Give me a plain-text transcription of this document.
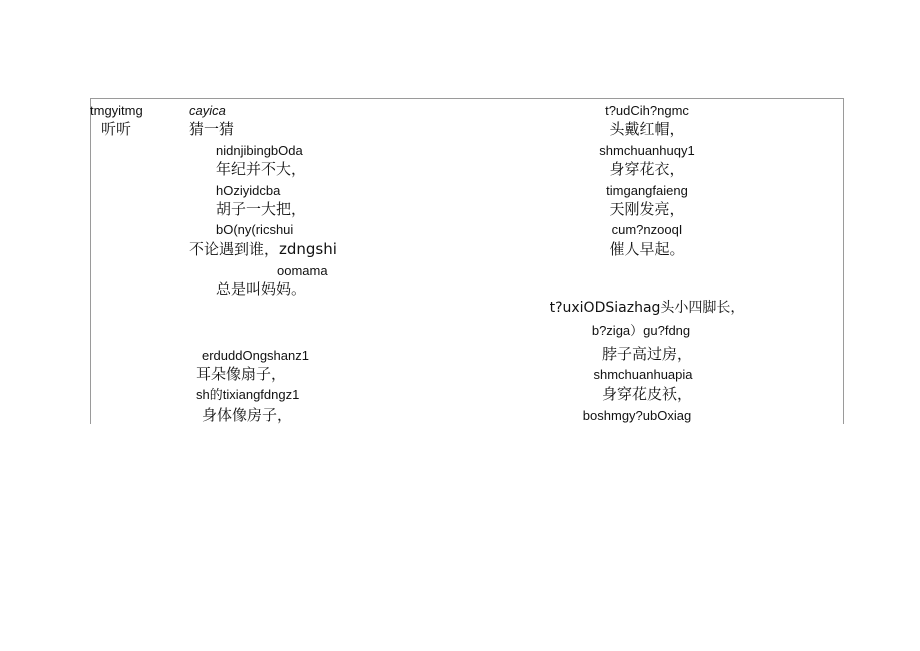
tmgyitmg
听听
cayica
猜一猜
nidnjibingbOda
年纪并不大，
hOziyidcba
胡子一大把，
bO(ny(ricshui
不论遇到谁，zdngshi
oomama
总是叫妈妈。
erduddOngshanz1
耳朵像扇子，
sh的tixiangfdngz1
身体像房子，
t?udCih?ngmc
头戴红帽，
shmchuanhuqy1
身穿花衣，
timgangfaieng
天刚发亮，
cum?nzooqI
催人早起。
t?uxiODSiazhag头小四脚长，
b?ziga）gu?fdng
脖子高过房，
shmchuanhuapia
身穿花皮袄，
boshmgy?ubOxiag
